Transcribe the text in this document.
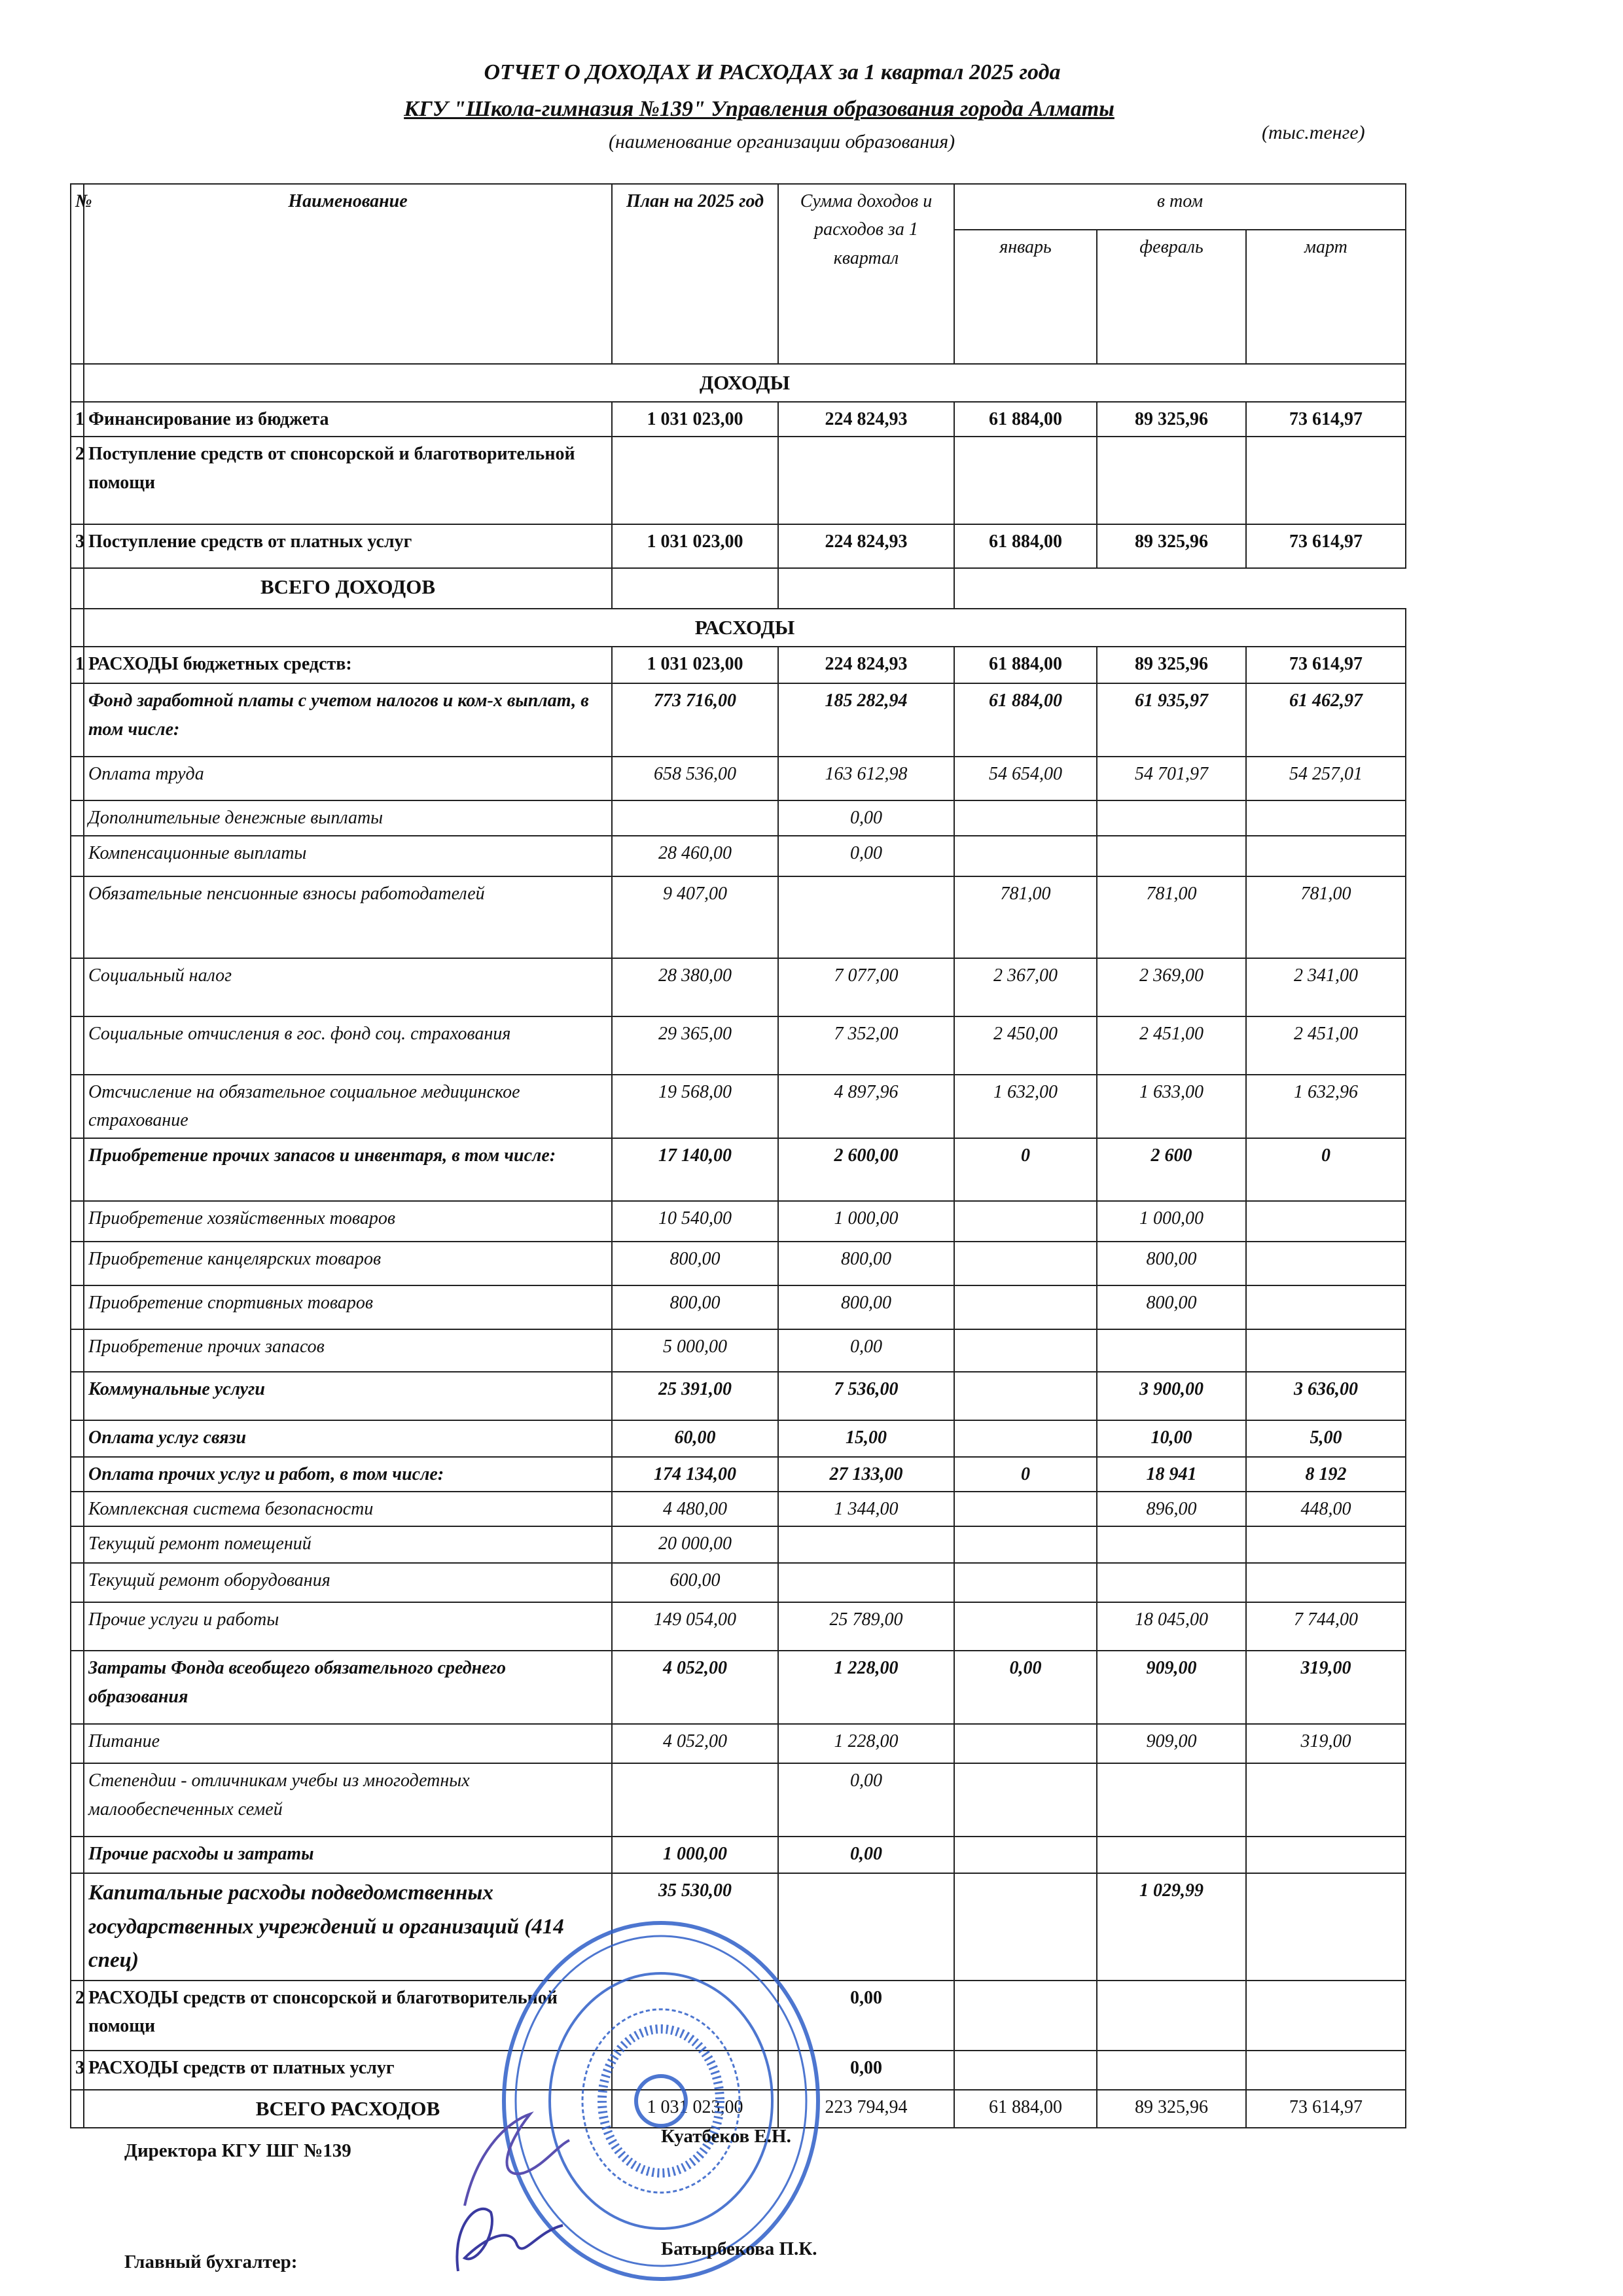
ОТЧЕТ О ДОХОДАХ И РАСХОДАХ за 1 квартал 2025 года
КГУ "Школа-гимназия №139" Управления образования города Алматы
(наименование организации образования)	(тыс.тенге)
№	Наименование	План на 2025 год	Сумма доходов и расходов за 1 квартал	в том		
				январь	февраль	март
	ДОХОДЫ					
1	Финансирование из бюджета	1 031 023,00	224 824,93	61 884,00	89 325,96	73 614,97
2	Поступление средств от спонсорской и благотворительной помощи					
3	Поступление средств от платных услуг	1 031 023,00	224 824,93	61 884,00	89 325,96	73 614,97
	ВСЕГО ДОХОДОВ					
	РАСХОДЫ					
1	РАСХОДЫ бюджетных средств:	1 031 023,00	224 824,93	61 884,00	89 325,96	73 614,97
	Фонд заработной платы с учетом налогов и ком-х выплат, в том числе:	773 716,00	185 282,94	61 884,00	61 935,97	61 462,97
	Оплата труда	658 536,00	163 612,98	54 654,00	54 701,97	54 257,01
	Дополнительные денежные выплаты		0,00			
	Компенсационные выплаты	28 460,00	0,00			
	Обязательные пенсионные взносы работодателей	9 407,00		781,00	781,00	781,00
	Социальный налог	28 380,00	7 077,00	2 367,00	2 369,00	2 341,00
	Социальные отчисления в гос. фонд соц. страхования	29 365,00	7 352,00	2 450,00	2 451,00	2 451,00
	Отсчисление на обязательное социальное медицинское страхование	19 568,00	4 897,96	1 632,00	1 633,00	1 632,96
	Приобретение прочих запасов и инвентаря, в том числе:	17 140,00	2 600,00	0	2 600	0
	Приобретение хозяйственных товаров	10 540,00	1 000,00		1 000,00	
	Приобретение канцелярских товаров	800,00	800,00		800,00	
	Приобретение спортивных товаров	800,00	800,00		800,00	
	Приобретение прочих запасов	5 000,00	0,00			
	Коммунальные услуги	25 391,00	7 536,00		3 900,00	3 636,00
	Оплата услуг связи	60,00	15,00		10,00	5,00
	Оплата прочих услуг и работ, в том числе:	174 134,00	27 133,00	0	18 941	8 192
	Комплексная система безопасности	4 480,00	1 344,00		896,00	448,00
	Текущий ремонт помещений	20 000,00				
	Текущий ремонт оборудования	600,00				
	Прочие услуги и работы	149 054,00	25 789,00		18 045,00	7 744,00
	Затраты Фонда всеобщего обязательного среднего образования	4 052,00	1 228,00	0,00	909,00	319,00
	Питание	4 052,00	1 228,00		909,00	319,00
	Степендии - отличникам учебы из многодетных малообеспеченных семей		0,00			
	Прочие расходы и затраты	1 000,00	0,00			
	Капитальные расходы подведомственных государственных учреждений и организаций (414 спец)	35 530,00			1 029,99	
2	РАСХОДЫ средств от спонсорской и благотворительной помощи		0,00			
3	РАСХОДЫ средств от платных услуг		0,00			
	ВСЕГО РАСХОДОВ	1 031 023,00	223 794,94	61 884,00	89 325,96	73 614,97
Директора КГУ ШГ №139
Куатбеков Е.Н.
Главный бухгалтер:
Батырбекова П.К.
